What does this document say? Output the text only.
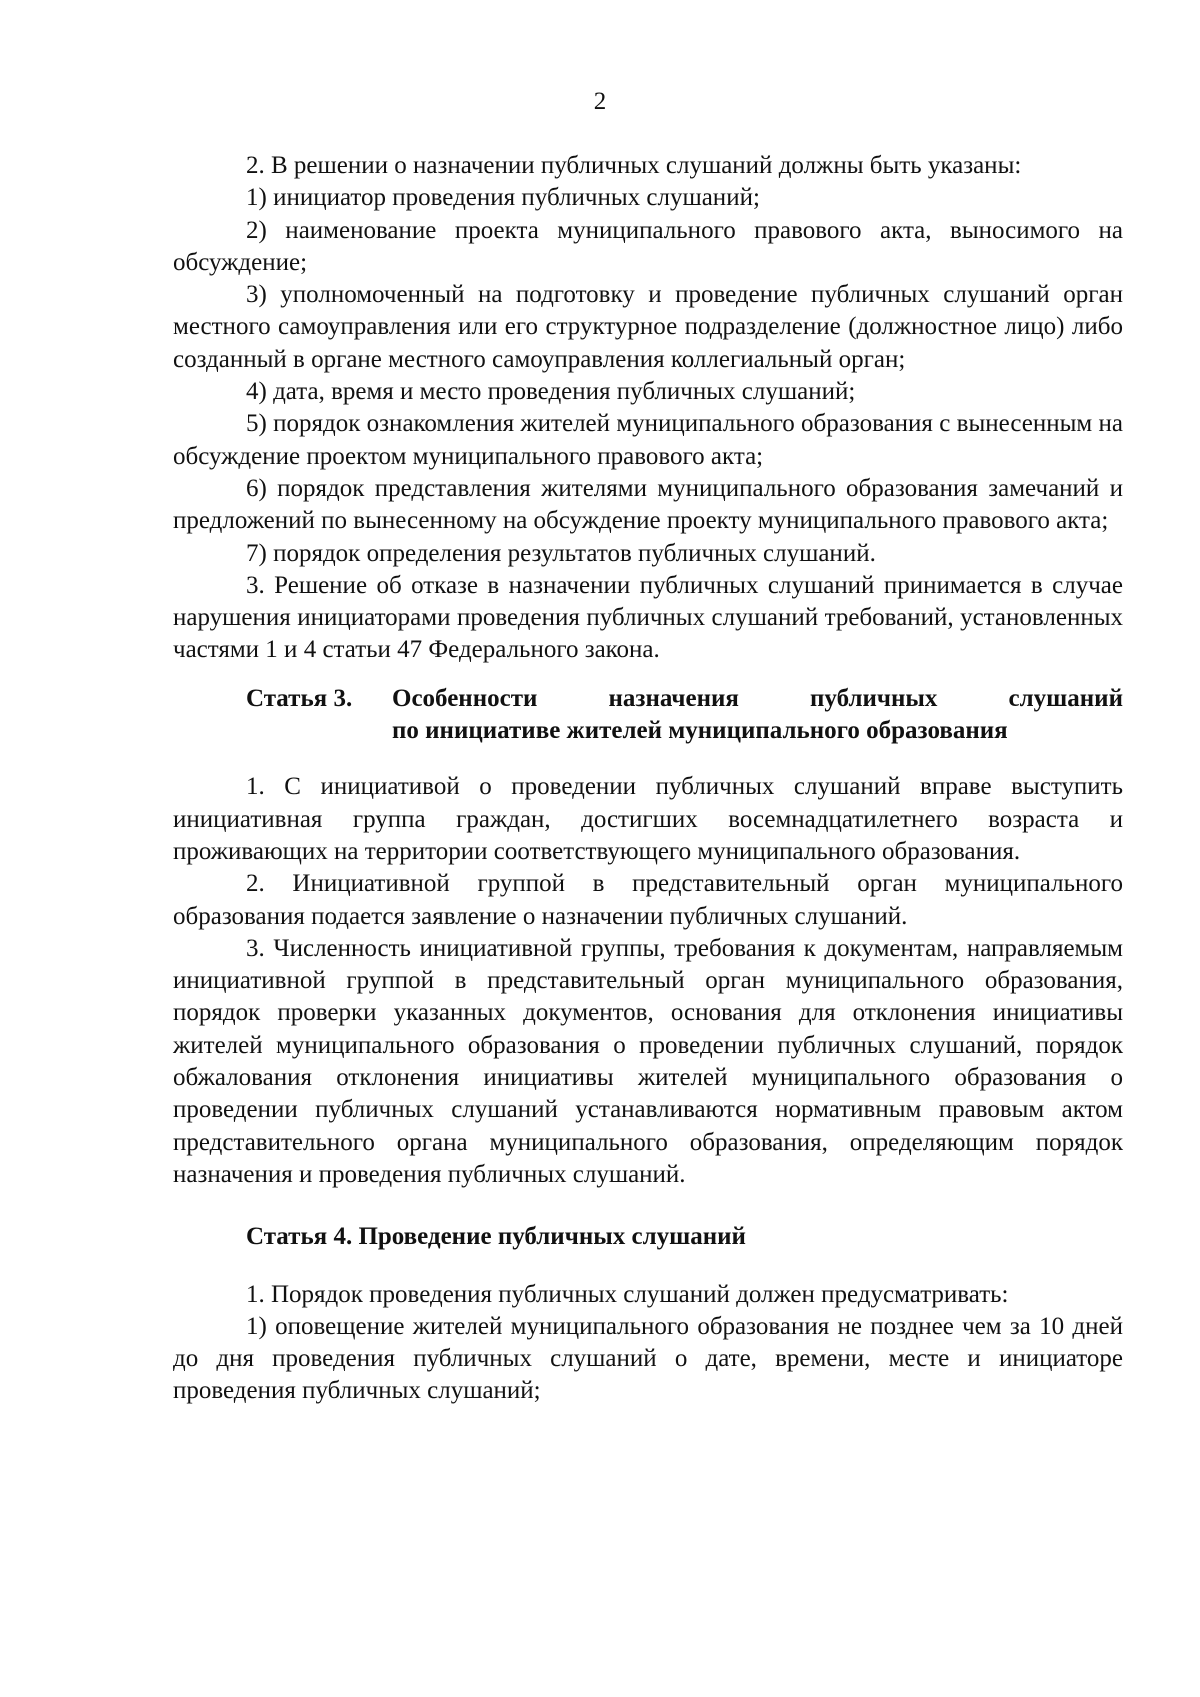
2

2. В решении о назначении публичных слушаний должны быть указаны:

1) инициатор проведения публичных слушаний;

2) наименование проекта муниципального правового акта, выносимого на обсуждение;

3) уполномоченный на подготовку и проведение публичных слушаний орган местного самоуправления или его структурное подразделение (должностное лицо) либо созданный в органе местного самоуправления коллегиальный орган;

4) дата, время и место проведения публичных слушаний;

5) порядок ознакомления жителей муниципального образования с вынесенным на обсуждение проектом муниципального правового акта;

6) порядок представления жителями муниципального образования замечаний и предложений по вынесенному на обсуждение проекту муниципального правового акта;

7) порядок определения результатов публичных слушаний.

3. Решение об отказе в назначении публичных слушаний принимается в случае нарушения инициаторами проведения публичных слушаний требований, установленных частями 1 и 4 статьи 47 Федерального закона.

Статья 3.	Особенности назначения публичных слушаний
по инициативе жителей муниципального образования

1. С инициативой о проведении публичных слушаний вправе выступить инициативная группа граждан, достигших восемнадцатилетнего возраста и проживающих на территории соответствующего муниципального образования.

2. Инициативной группой в представительный орган муниципального образования подается заявление о назначении публичных слушаний.

3. Численность инициативной группы, требования к документам, направляемым инициативной группой в представительный орган муниципального образования, порядок проверки указанных документов, основания для отклонения инициативы жителей муниципального образования о проведении публичных слушаний, порядок обжалования отклонения инициативы жителей муниципального образования о проведении публичных слушаний устанавливаются нормативным правовым актом представительного органа муниципального образования, определяющим порядок назначения и проведения публичных слушаний.

Статья 4. Проведение публичных слушаний

1. Порядок проведения публичных слушаний должен предусматривать:

1) оповещение жителей муниципального образования не позднее чем за 10 дней до дня проведения публичных слушаний о дате, времени, месте и инициаторе проведения публичных слушаний;
